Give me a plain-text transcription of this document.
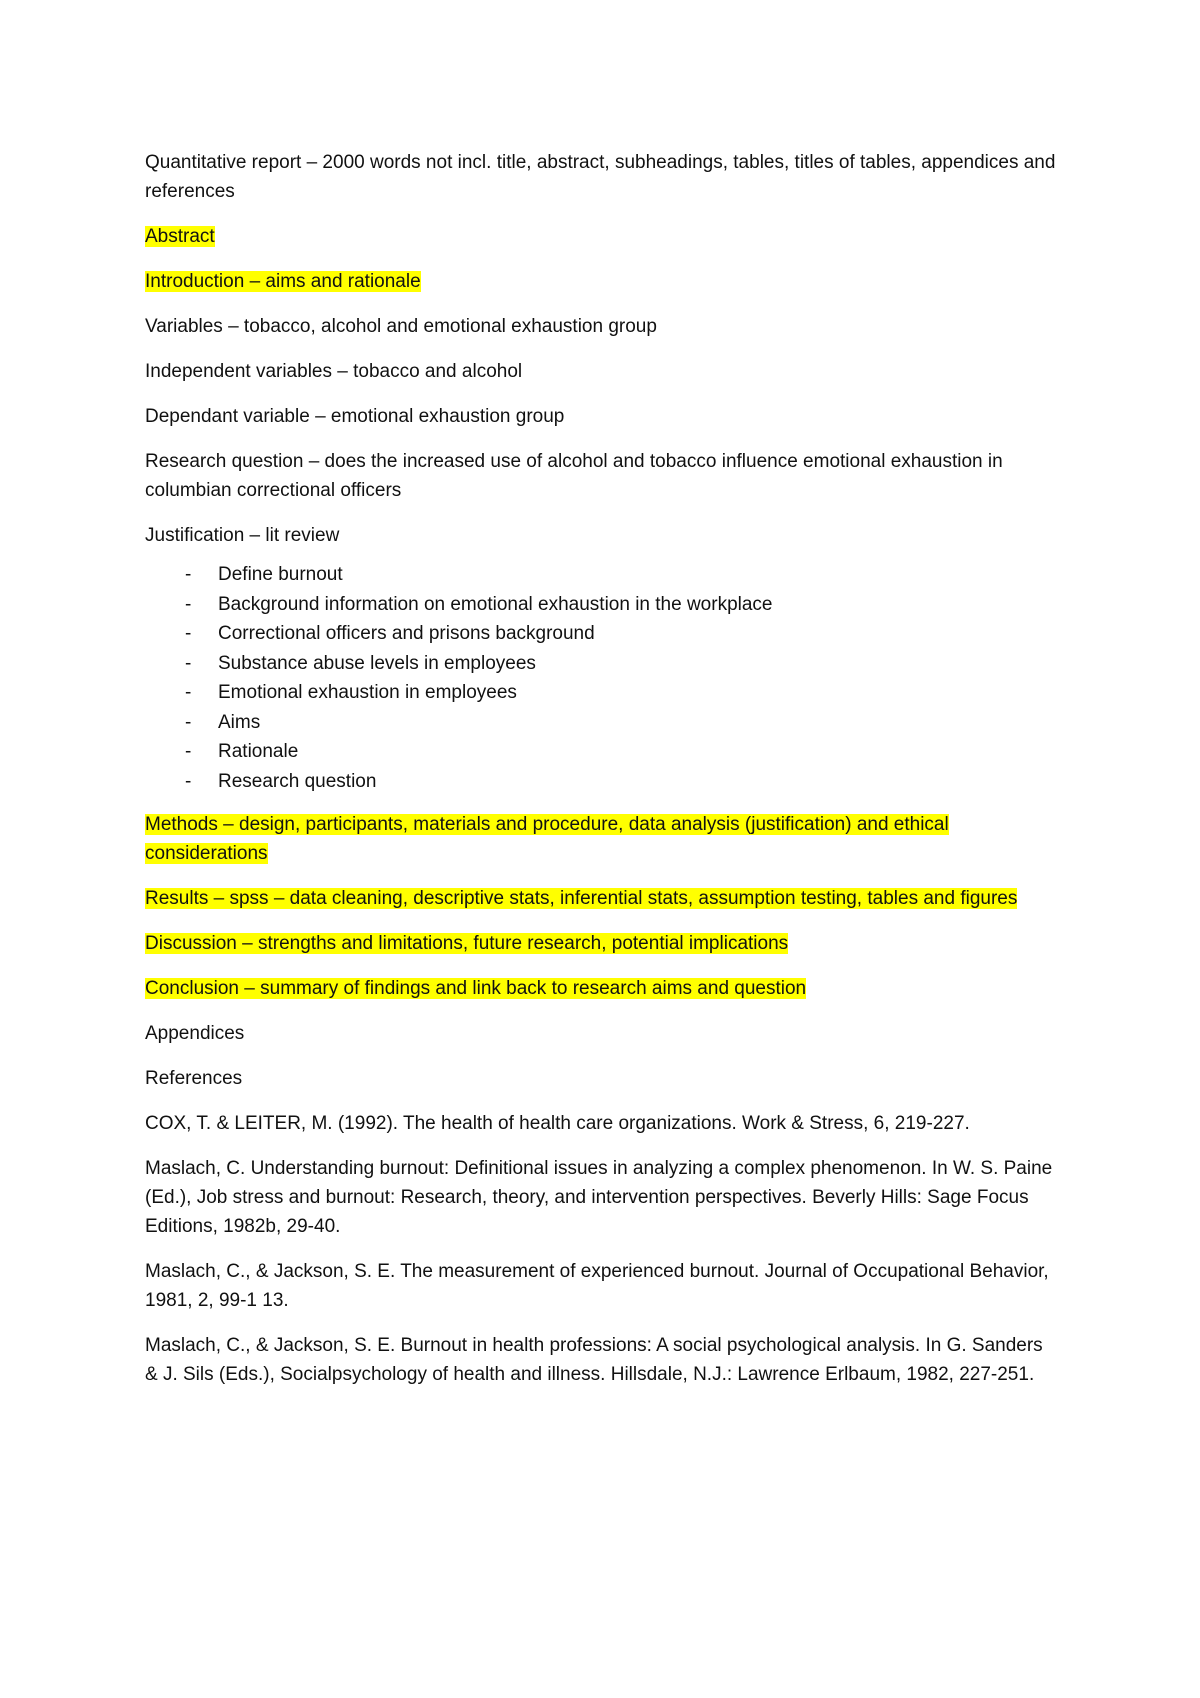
Quantitative report – 2000 words not incl. title, abstract, subheadings, tables, titles of tables, appendices and references

Abstract

Introduction – aims and rationale

Variables – tobacco, alcohol and emotional exhaustion group

Independent variables – tobacco and alcohol

Dependant variable – emotional exhaustion group

Research question – does the increased use of alcohol and tobacco influence emotional exhaustion in columbian correctional officers

Justification – lit review

- Define burnout
- Background information on emotional exhaustion in the workplace
- Correctional officers and prisons background
- Substance abuse levels in employees
- Emotional exhaustion in employees
- Aims
- Rationale
- Research question

Methods – design, participants, materials and procedure, data analysis (justification) and ethical considerations

Results – spss – data cleaning, descriptive stats, inferential stats, assumption testing, tables and figures

Discussion – strengths and limitations, future research, potential implications

Conclusion – summary of findings and link back to research aims and question

Appendices

References

COX, T. & LEITER, M. (1992). The health of health care organizations. Work & Stress, 6, 219-227.

Maslach, C. Understanding burnout: Definitional issues in analyzing a complex phenomenon. In W. S. Paine (Ed.), Job stress and burnout: Research, theory, and intervention perspectives. Beverly Hills: Sage Focus Editions, 1982b, 29-40.

Maslach, C., & Jackson, S. E. The measurement of experienced burnout. Journal of Occupational Behavior, 1981, 2, 99-1 13.

Maslach, C., & Jackson, S. E. Burnout in health professions: A social psychological analysis. In G. Sanders & J. Sils (Eds.), Socialpsychology of health and illness. Hillsdale, N.J.: Lawrence Erlbaum, 1982, 227-251.
